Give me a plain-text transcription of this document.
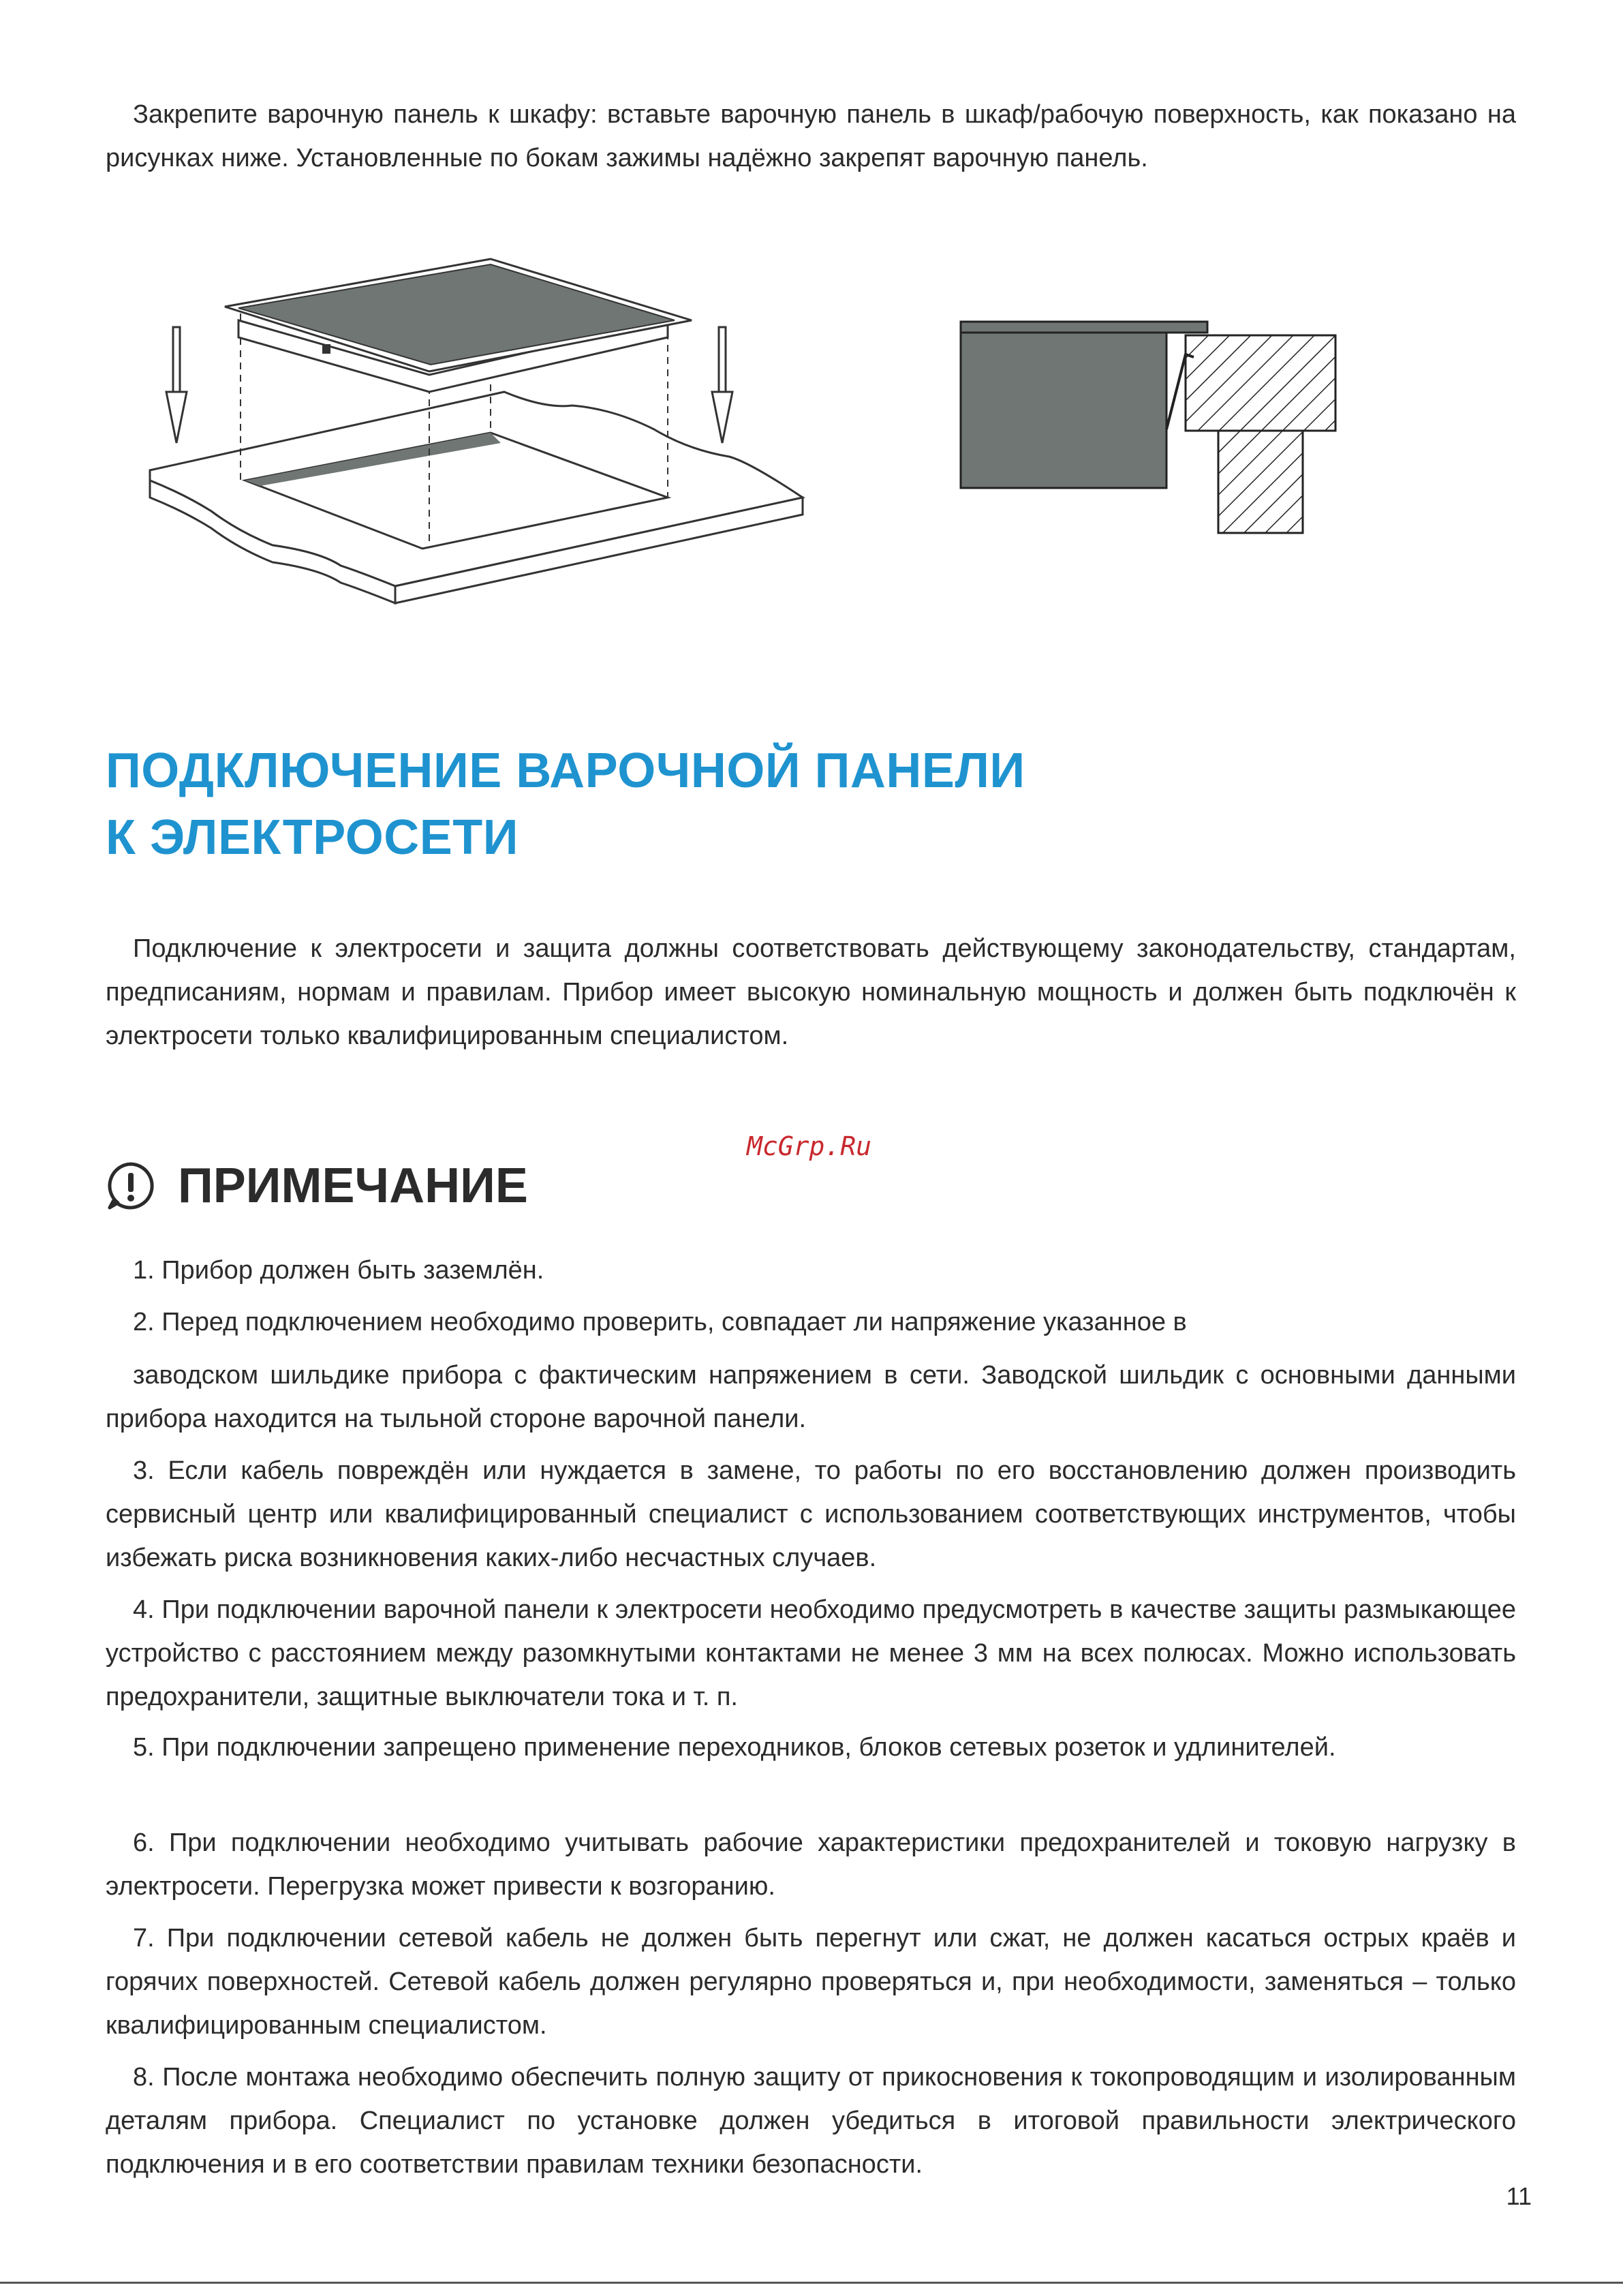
Закрепите варочную панель к шкафу: вставьте варочную панель в шкаф/рабочую поверхность, как показано на рисунках ниже. Установленные по бокам зажимы надёжно закрепят варочную панель.

ПОДКЛЮЧЕНИЕ ВАРОЧНОЙ ПАНЕЛИ
К ЭЛЕКТРОСЕТИ

Подключение к электросети и защита должны соответствовать действующему законодательству, стандартам, предписаниям, нормам и правилам. Прибор имеет высокую номинальную мощность и должен быть подключён к электросети только квалифицированным специалистом.

McGrp.Ru
ПРИМЕЧАНИЕ

1. Прибор должен быть заземлён.

2. Перед подключением необходимо проверить, совпадает ли напряжение указанное в

заводском шильдике прибора с фактическим напряжением в сети. Заводской шильдик с основными данными прибора находится на тыльной стороне варочной панели.

3. Если кабель повреждён или нуждается в замене, то работы по его восстановлению должен производить сервисный центр или квалифицированный специалист с использованием соответствующих инструментов, чтобы избежать риска возникновения каких-либо несчастных случаев.

4. При подключении варочной панели к электросети необходимо предусмотреть в качестве защиты размыкающее устройство с расстоянием между разомкнутыми контактами не менее 3 мм на всех полюсах. Можно использовать предохранители, защитные выключатели тока и т. п.

5. При подключении запрещено применение переходников, блоков сетевых розеток и удлинителей.

6. При подключении необходимо учитывать рабочие характеристики предохранителей и токовую нагрузку в электросети. Перегрузка может привести к возгоранию.

7. При подключении сетевой кабель не должен быть перегнут или сжат, не должен касаться острых краёв и горячих поверхностей. Сетевой кабель должен регулярно проверяться и, при необходимости, заменяться – только квалифицированным специалистом.

8. После монтажа необходимо обеспечить полную защиту от прикосновения к токопроводящим и изолированным деталям прибора. Специалист по установке должен убедиться в итоговой правильности электрического подключения и в его соответствии правилам техники безопасности.

11
